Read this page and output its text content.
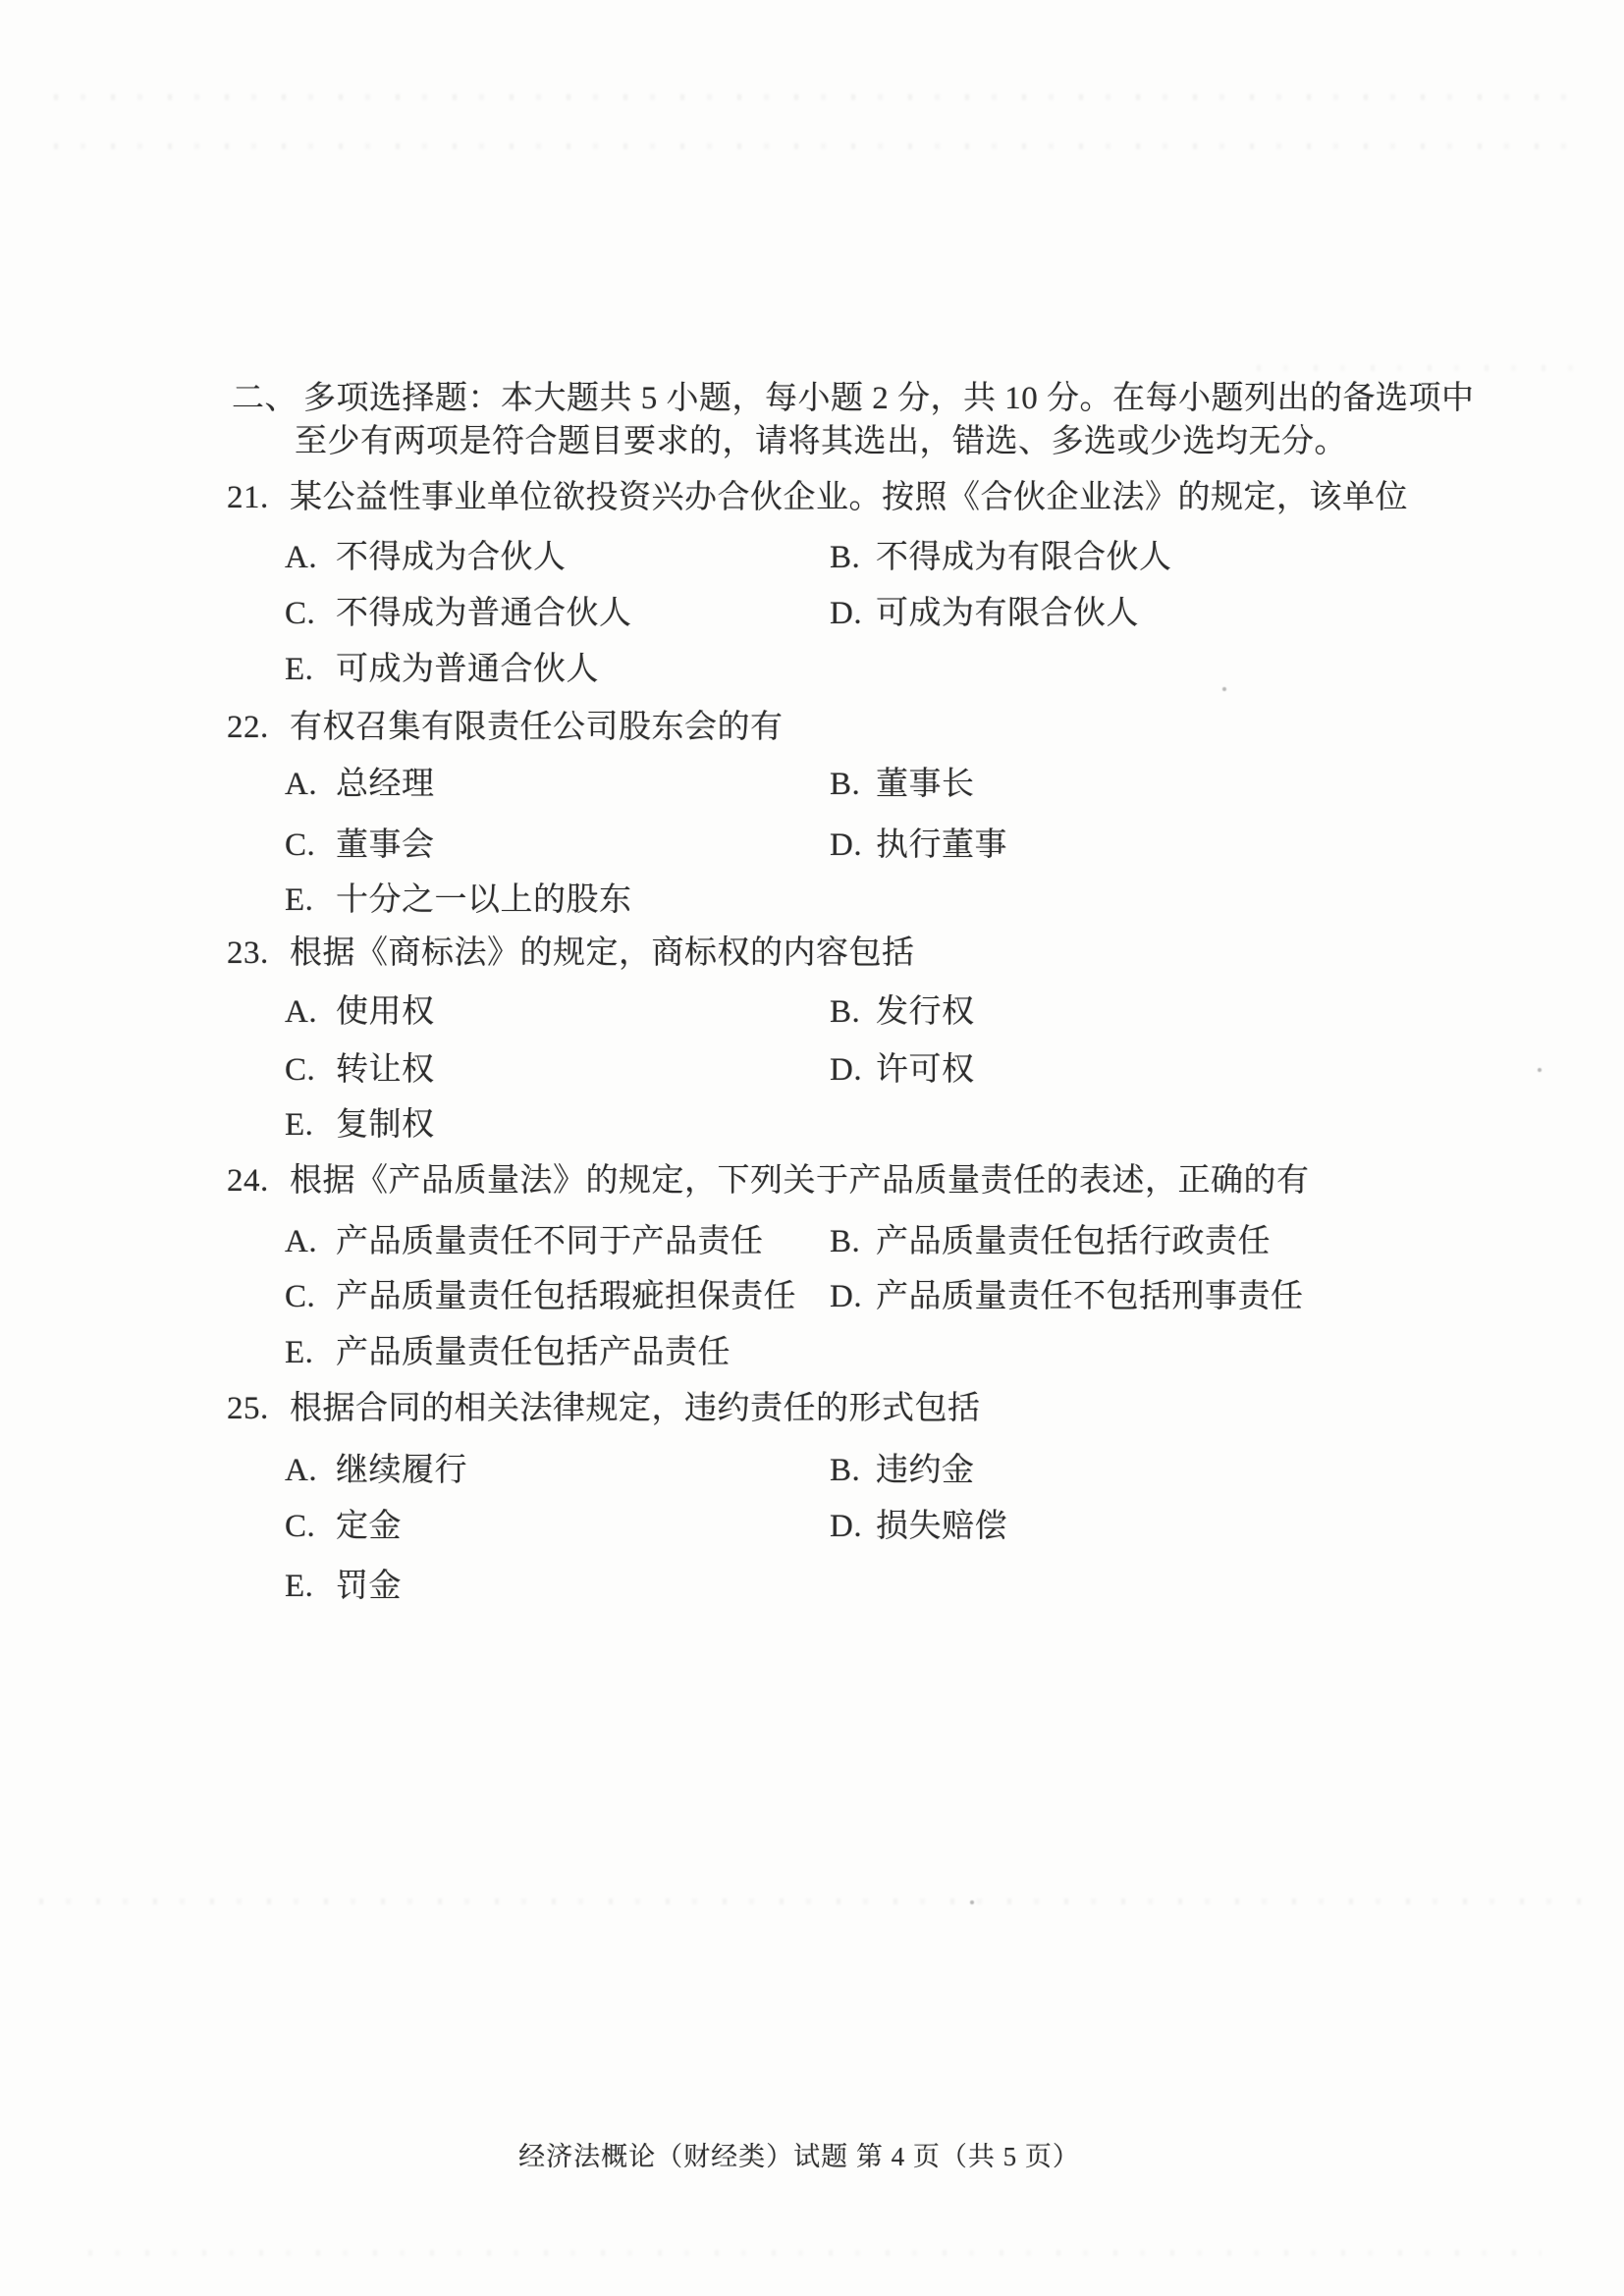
二、 多项选择题：本大题共 5 小题，每小题 2 分，共 10 分。在每小题列出的备选项中
至少有两项是符合题目要求的，请将其选出，错选、多选或少选均无分。
21. 某公益性事业单位欲投资兴办合伙企业。按照《合伙企业法》的规定，该单位
A. 不得成为合伙人	B. 不得成为有限合伙人
C. 不得成为普通合伙人	D. 可成为有限合伙人
E. 可成为普通合伙人
22. 有权召集有限责任公司股东会的有
A. 总经理	B. 董事长
C. 董事会	D. 执行董事
E. 十分之一以上的股东
23. 根据《商标法》的规定，商标权的内容包括
A. 使用权	B. 发行权
C. 转让权	D. 许可权
E. 复制权
24. 根据《产品质量法》的规定，下列关于产品质量责任的表述，正确的有
A. 产品质量责任不同于产品责任 B. 产品质量责任包括行政责任
C. 产品质量责任包括瑕疵担保责任 D. 产品质量责任不包括刑事责任
E. 产品质量责任包括产品责任
25. 根据合同的相关法律规定，违约责任的形式包括
A. 继续履行	B. 违约金
C. 定金	D. 损失赔偿
E. 罚金
经济法概论（财经类）试题 第 4 页（共 5 页）
